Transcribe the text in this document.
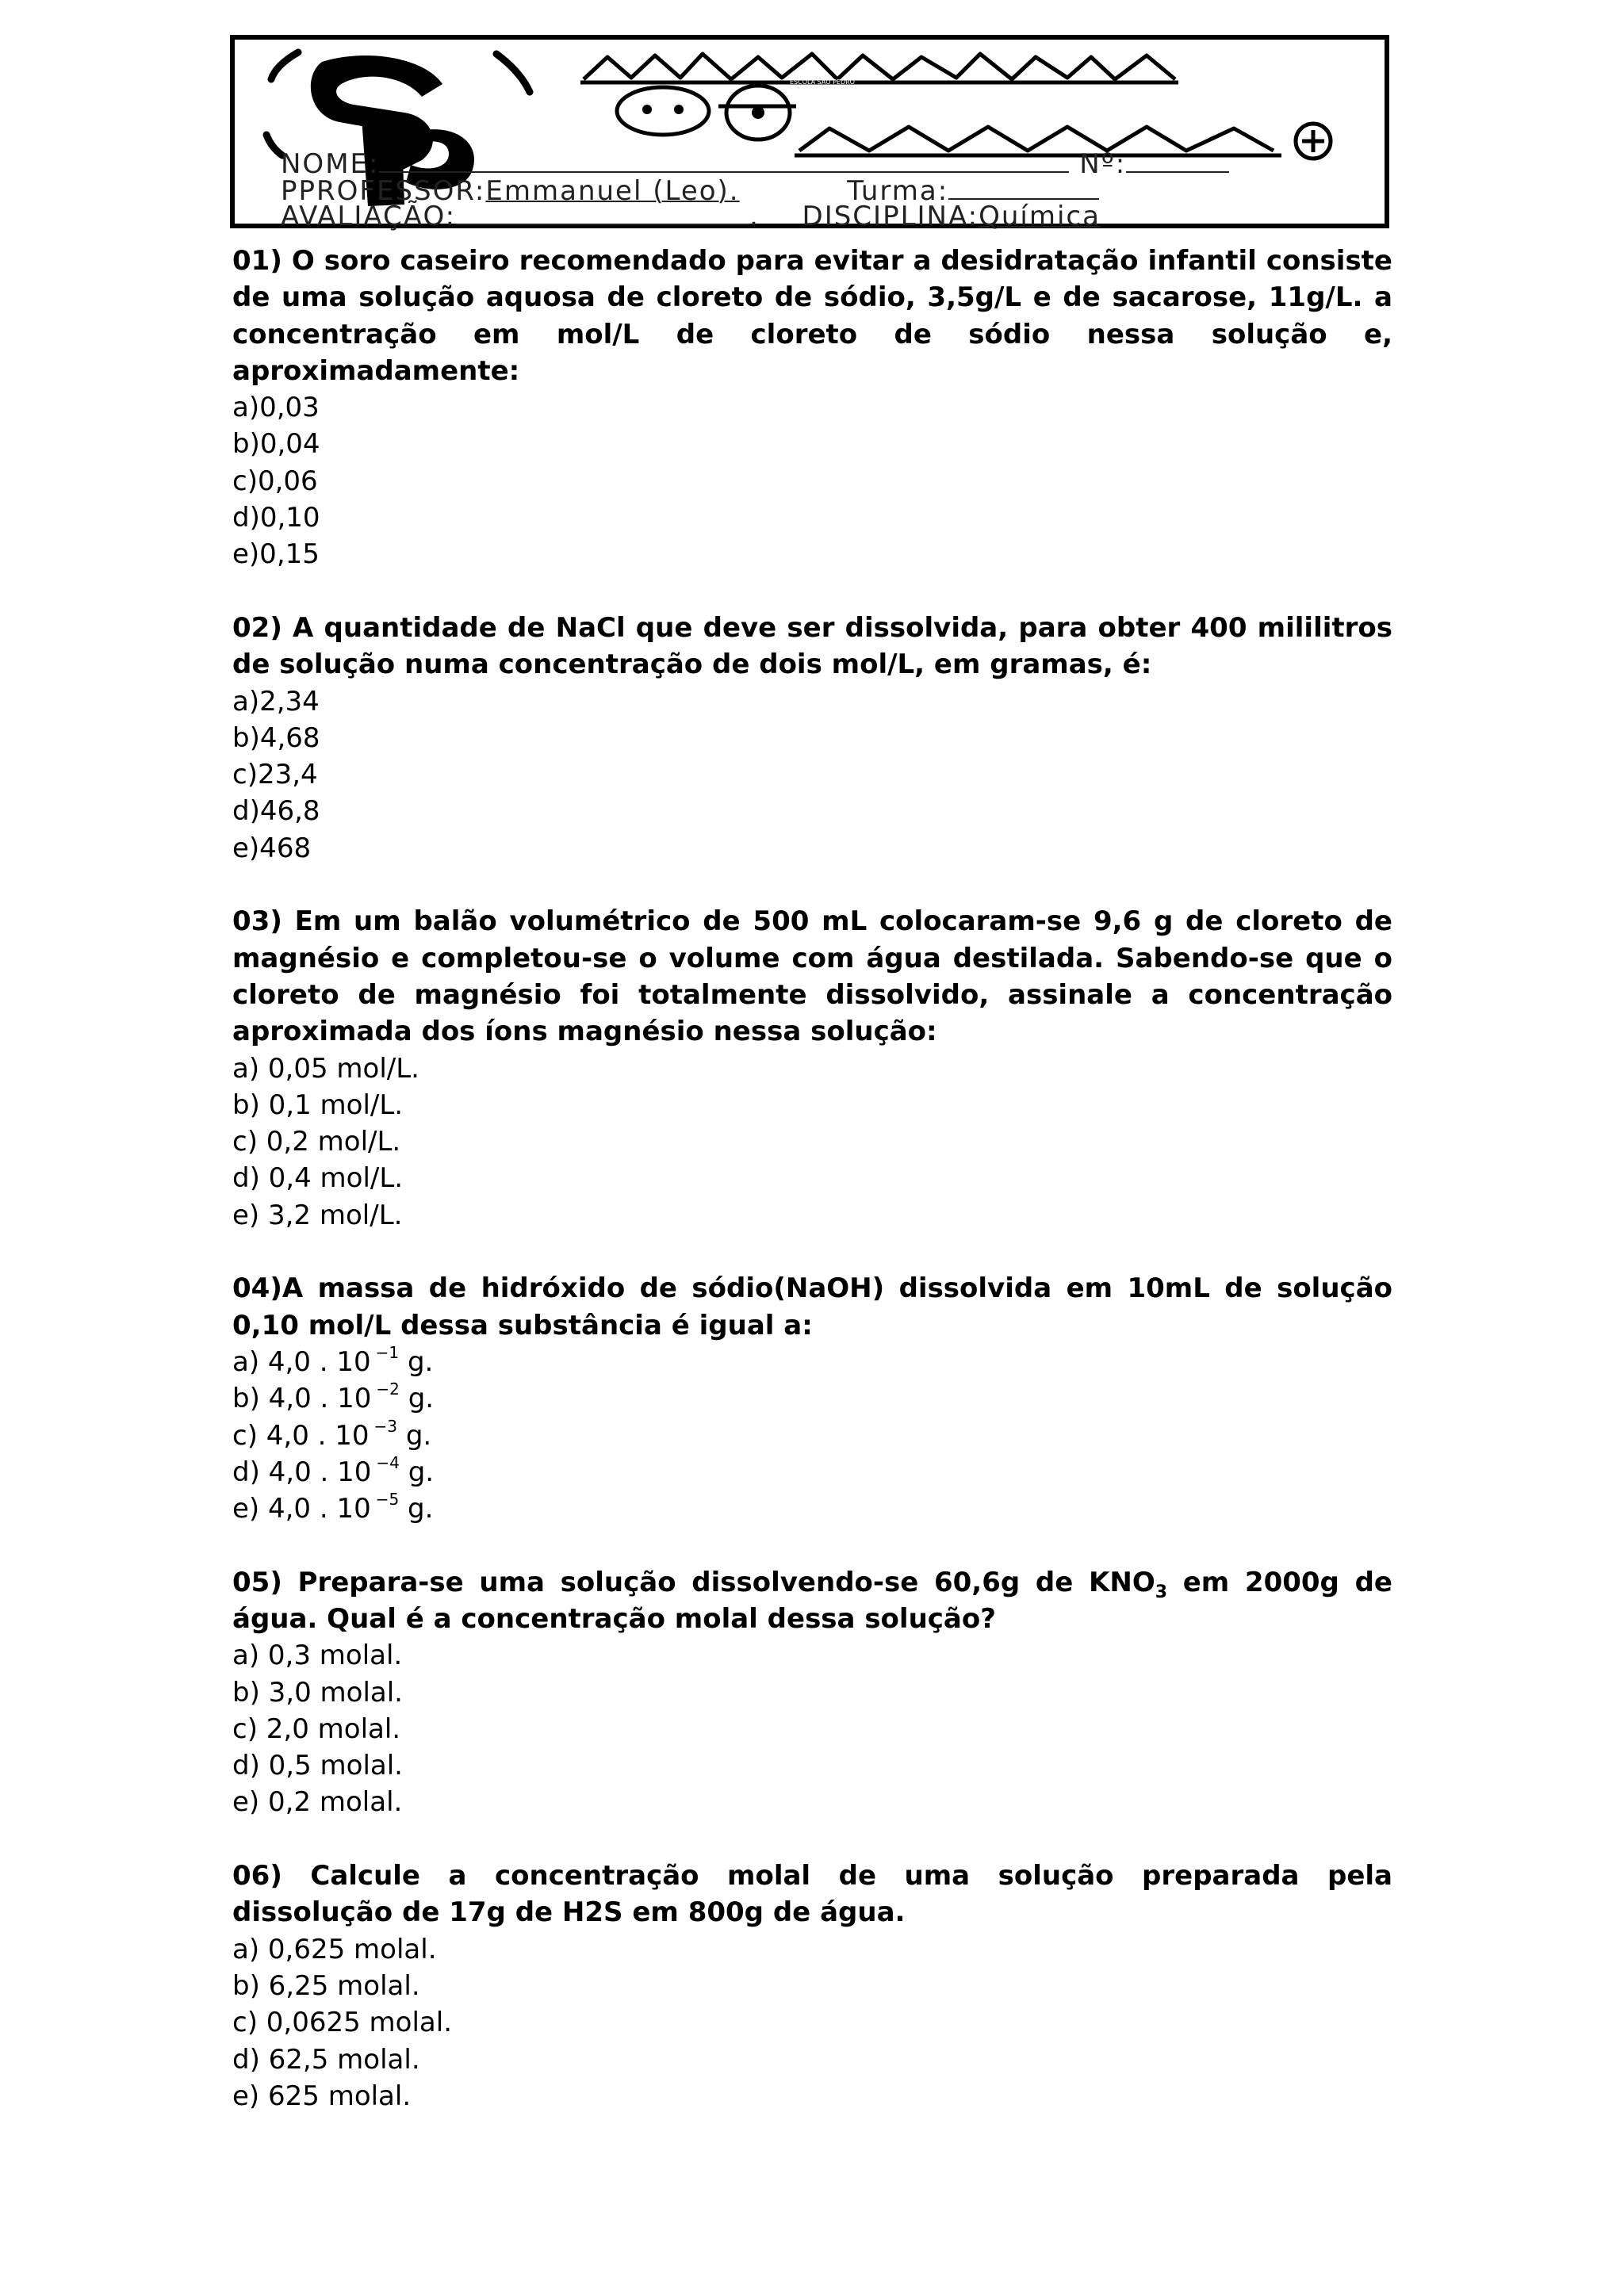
ESCOLA SÃO PEDRO
NOME:	Nº:
PPROFESSOR:Emmanuel (Leo).	Turma:
AVALIAÇÃO:	. DISCIPLINA:Química
01) O soro caseiro recomendado para evitar a desidratação infantil consiste de uma solução aquosa de cloreto de sódio, 3,5g/L e de sacarose, 11g/L. a concentração em mol/L de cloreto de sódio nessa solução e, aproximadamente:
a)0,03
b)0,04
c)0,06
d)0,10
e)0,15
02) A quantidade de NaCl que deve ser dissolvida, para obter 400 mililitros de solução numa concentração de dois mol/L, em gramas, é:
a)2,34
b)4,68
c)23,4
d)46,8
e)468
03) Em um balão volumétrico de 500 mL colocaram-se 9,6 g de cloreto de magnésio e completou-se o volume com água destilada. Sabendo-se que o cloreto de magnésio foi totalmente dissolvido, assinale a concentração aproximada dos íons magnésio nessa solução:
a) 0,05 mol/L.
b) 0,1 mol/L.
c) 0,2 mol/L.
d) 0,4 mol/L.
e) 3,2 mol/L.
04)A massa de hidróxido de sódio(NaOH) dissolvida em 10mL de solução 0,10 mol/L dessa substância é igual a:
a) 4,0 . 10 $^{-1}$ g.
b) 4,0 . 10 $^{-2}$ g.
c) 4,0 . 10 $^{-3}$ g.
d) 4,0 . 10 $^{-4}$ g.
e) 4,0 . 10 $^{-5}$ g.
05) Prepara-se uma solução dissolvendo-se 60,6g de $KNO_3$ em 2000g de água. Qual é a concentração molal dessa solução?
a) 0,3 molal.
b) 3,0 molal.
c) 2,0 molal.
d) 0,5 molal.
e) 0,2 molal.
06) Calcule a concentração molal de uma solução preparada pela dissolução de 17g de H2S em 800g de água.
a) 0,625 molal.
b) 6,25 molal.
c) 0,0625 molal.
d) 62,5 molal.
e) 625 molal.
